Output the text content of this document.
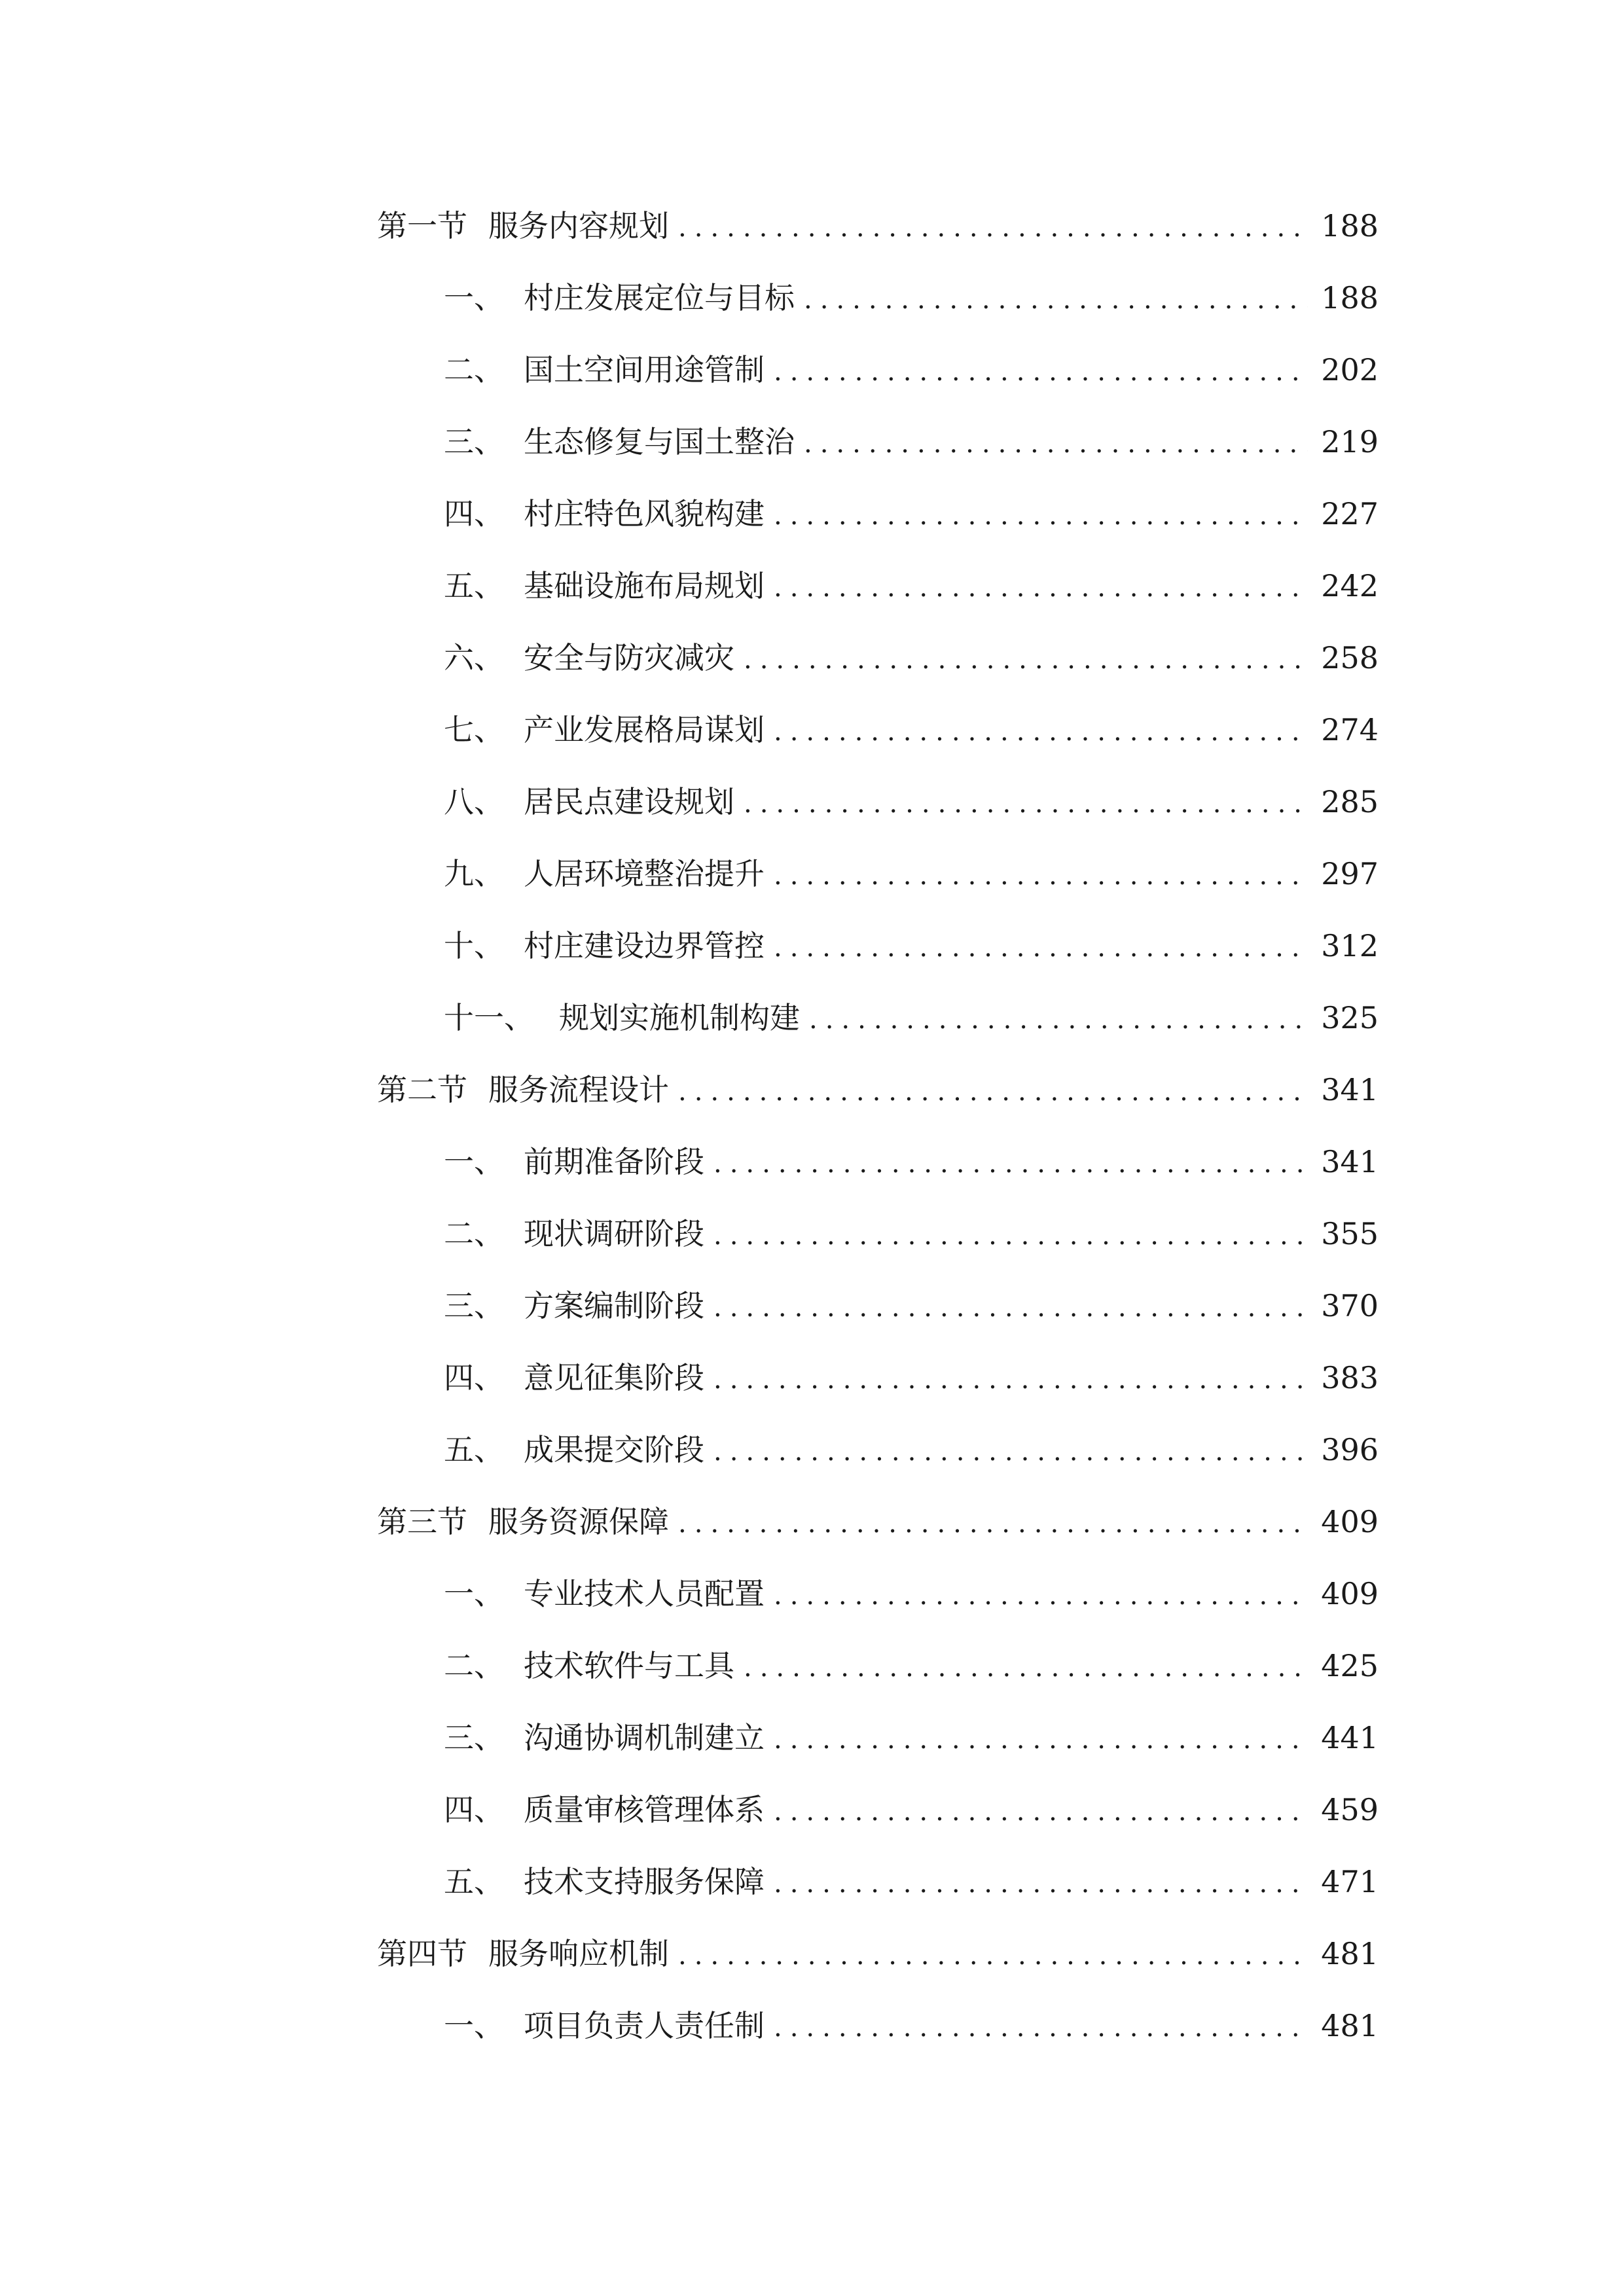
第一节 服务内容规划 .....	188
一、 村庄发展定位与目标 .....	188
二、 国土空间用途管制 .....	202
三、 生态修复与国土整治 .....	219
四、 村庄特色风貌构建 .....	227
五、 基础设施布局规划 .....	242
六、 安全与防灾减灾 .....	258
七、 产业发展格局谋划 .....	274
八、 居民点建设规划 .....	285
九、 人居环境整治提升 .....	297
十、 村庄建设边界管控 .....	312
十一、 规划实施机制构建 .....	325
第二节 服务流程设计 .....	341
一、 前期准备阶段 .....	341
二、 现状调研阶段 .....	355
三、 方案编制阶段 .....	370
四、 意见征集阶段 .....	383
五、 成果提交阶段 .....	396
第三节 服务资源保障 .....	409
一、 专业技术人员配置 .....	409
二、 技术软件与工具 .....	425
三、 沟通协调机制建立 .....	441
四、 质量审核管理体系 .....	459
五、 技术支持服务保障 .....	471
第四节 服务响应机制 .....	481
一、 项目负责人责任制 .....	481
